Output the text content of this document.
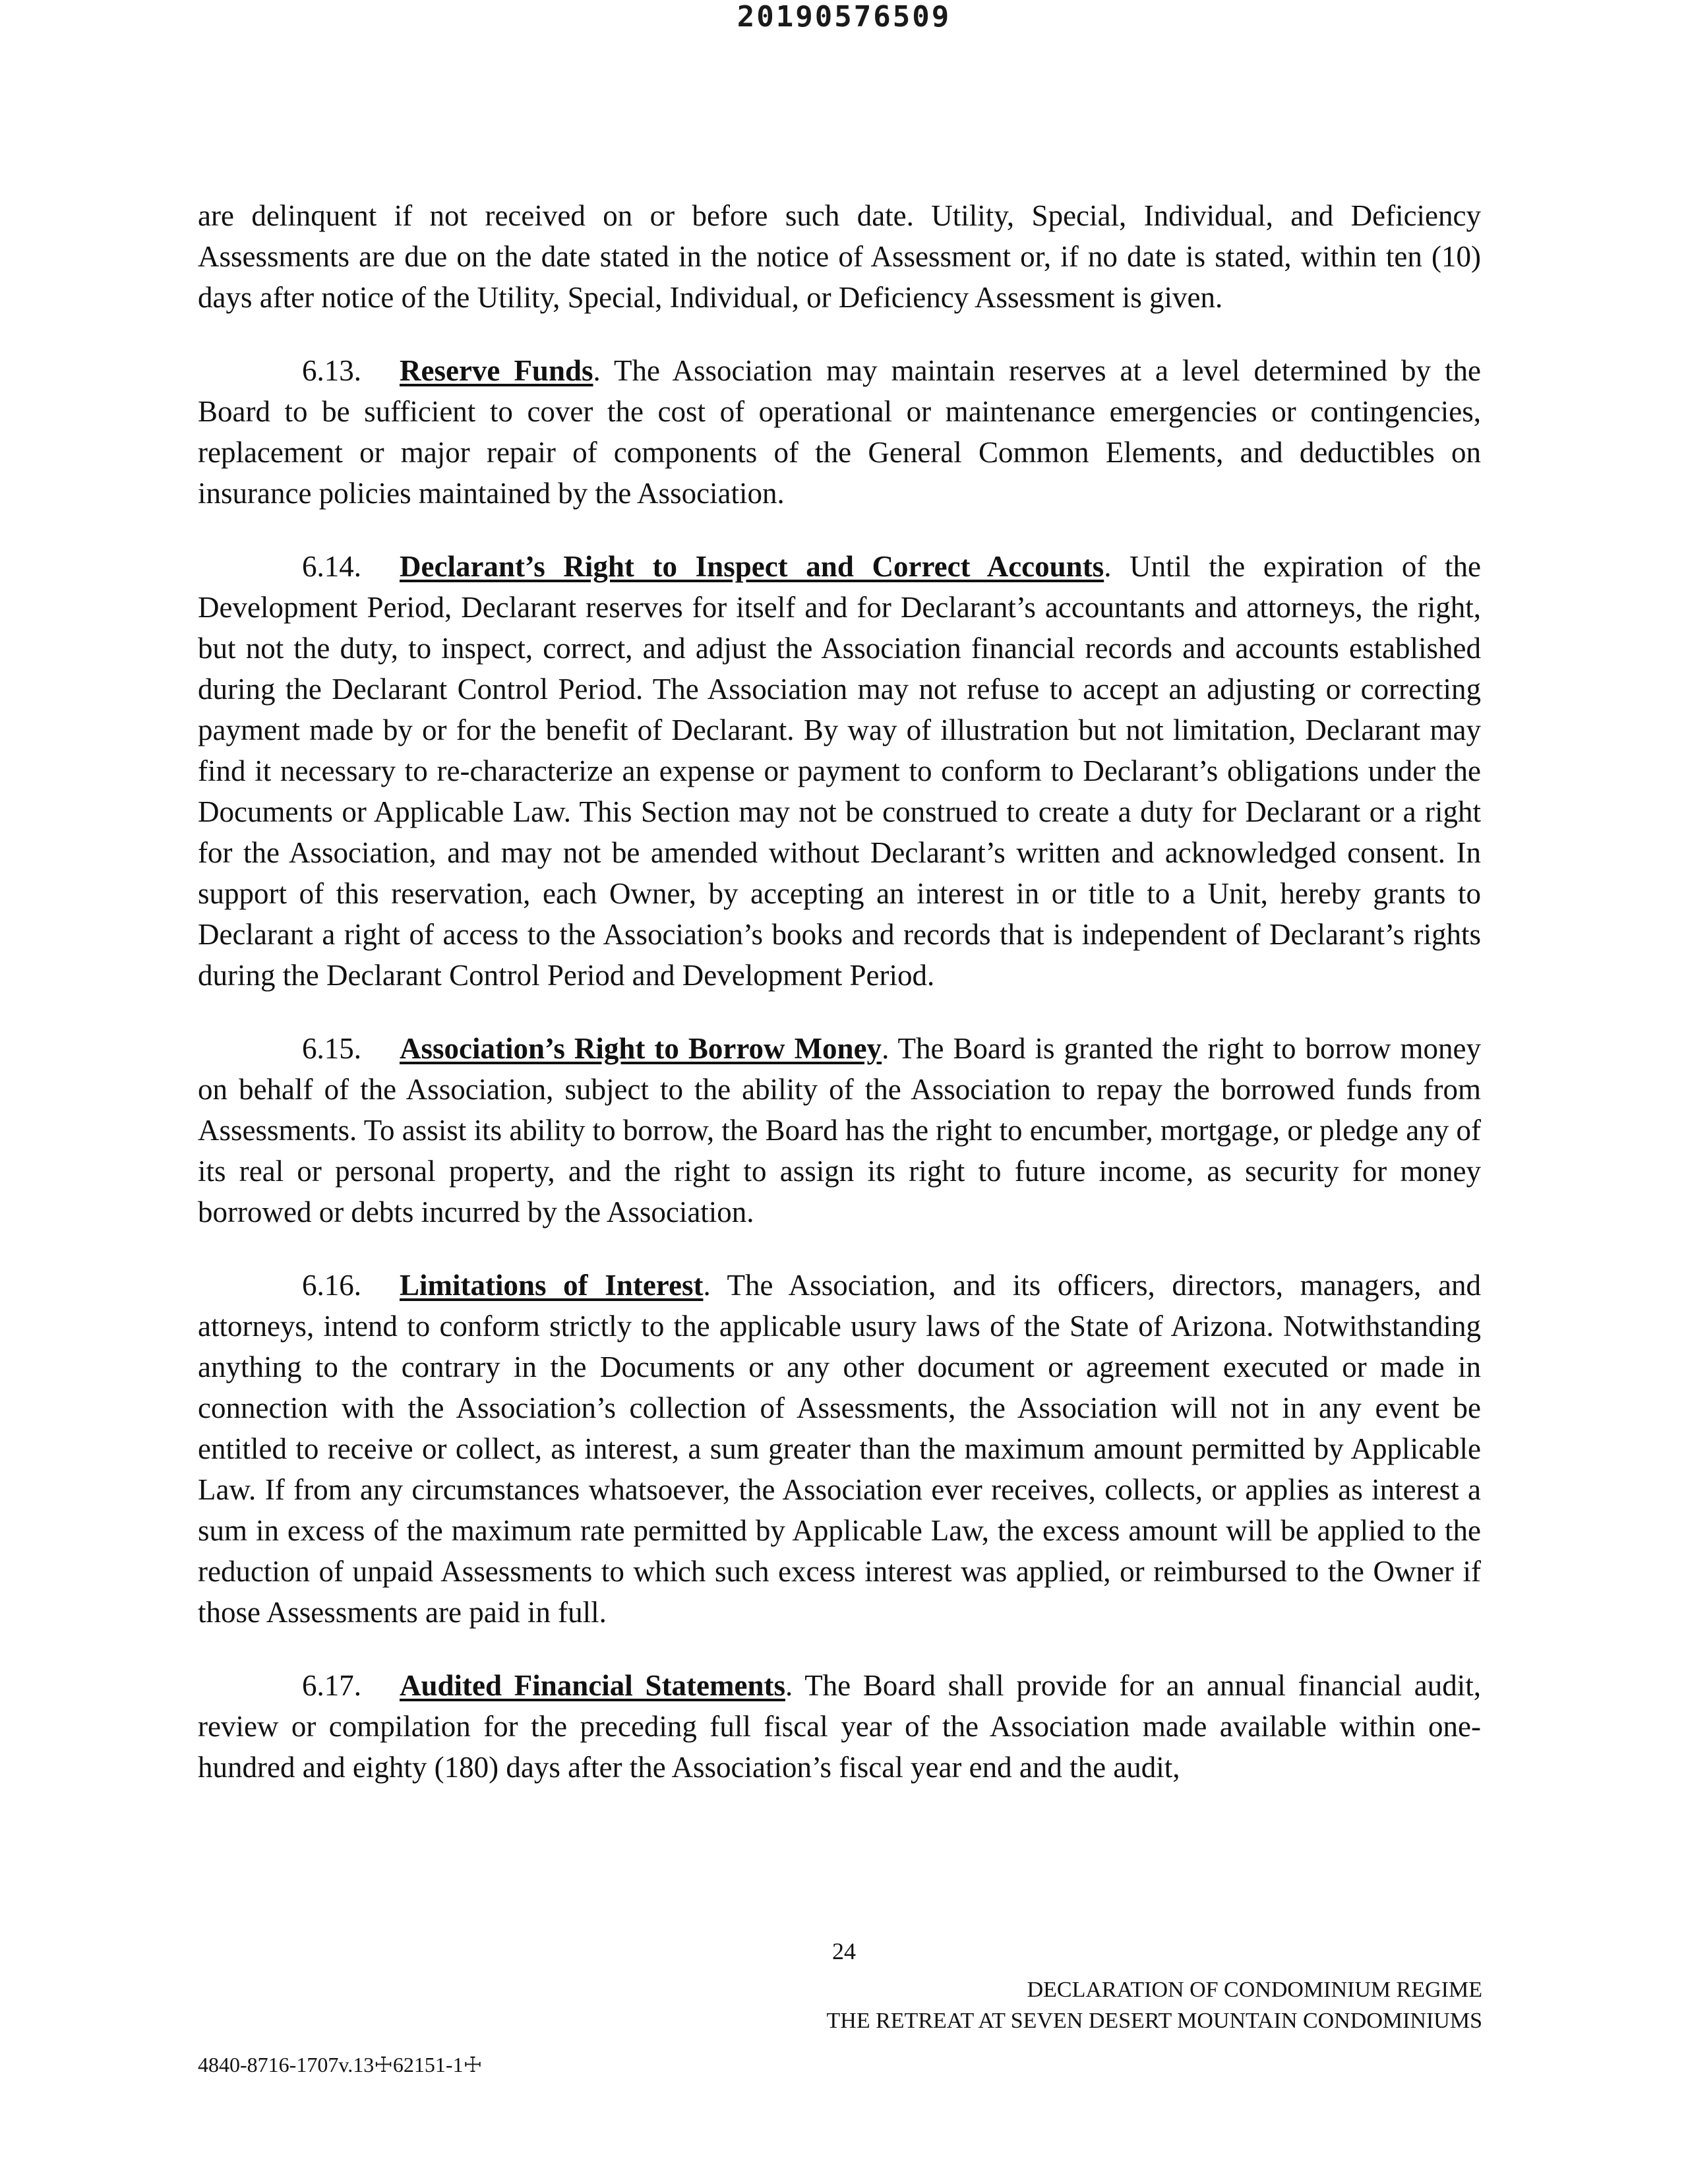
20190576509

are delinquent if not received on or before such date. Utility, Special, Individual, and Deficiency Assessments are due on the date stated in the notice of Assessment or, if no date is stated, within ten (10) days after notice of the Utility, Special, Individual, or Deficiency Assessment is given.

6.13. Reserve Funds. The Association may maintain reserves at a level determined by the Board to be sufficient to cover the cost of operational or maintenance emergencies or contingencies, replacement or major repair of components of the General Common Elements, and deductibles on insurance policies maintained by the Association.

6.14. Declarant’s Right to Inspect and Correct Accounts. Until the expiration of the Development Period, Declarant reserves for itself and for Declarant’s accountants and attorneys, the right, but not the duty, to inspect, correct, and adjust the Association financial records and accounts established during the Declarant Control Period. The Association may not refuse to accept an adjusting or correcting payment made by or for the benefit of Declarant. By way of illustration but not limitation, Declarant may find it necessary to re-characterize an expense or payment to conform to Declarant’s obligations under the Documents or Applicable Law. This Section may not be construed to create a duty for Declarant or a right for the Association, and may not be amended without Declarant’s written and acknowledged consent. In support of this reservation, each Owner, by accepting an interest in or title to a Unit, hereby grants to Declarant a right of access to the Association’s books and records that is independent of Declarant’s rights during the Declarant Control Period and Development Period.

6.15. Association’s Right to Borrow Money. The Board is granted the right to borrow money on behalf of the Association, subject to the ability of the Association to repay the borrowed funds from Assessments. To assist its ability to borrow, the Board has the right to encumber, mortgage, or pledge any of its real or personal property, and the right to assign its right to future income, as security for money borrowed or debts incurred by the Association.

6.16. Limitations of Interest. The Association, and its officers, directors, managers, and attorneys, intend to conform strictly to the applicable usury laws of the State of Arizona. Notwithstanding anything to the contrary in the Documents or any other document or agreement executed or made in connection with the Association’s collection of Assessments, the Association will not in any event be entitled to receive or collect, as interest, a sum greater than the maximum amount permitted by Applicable Law. If from any circumstances whatsoever, the Association ever receives, collects, or applies as interest a sum in excess of the maximum rate permitted by Applicable Law, the excess amount will be applied to the reduction of unpaid Assessments to which such excess interest was applied, or reimbursed to the Owner if those Assessments are paid in full.

6.17. Audited Financial Statements. The Board shall provide for an annual financial audit, review or compilation for the preceding full fiscal year of the Association made available within one-hundred and eighty (180) days after the Association’s fiscal year end and the audit,

24
DECLARATION OF CONDOMINIUM REGIME
THE RETREAT AT SEVEN DESERT MOUNTAIN CONDOMINIUMS
4840-8716-1707v.13☩62151-1☩
